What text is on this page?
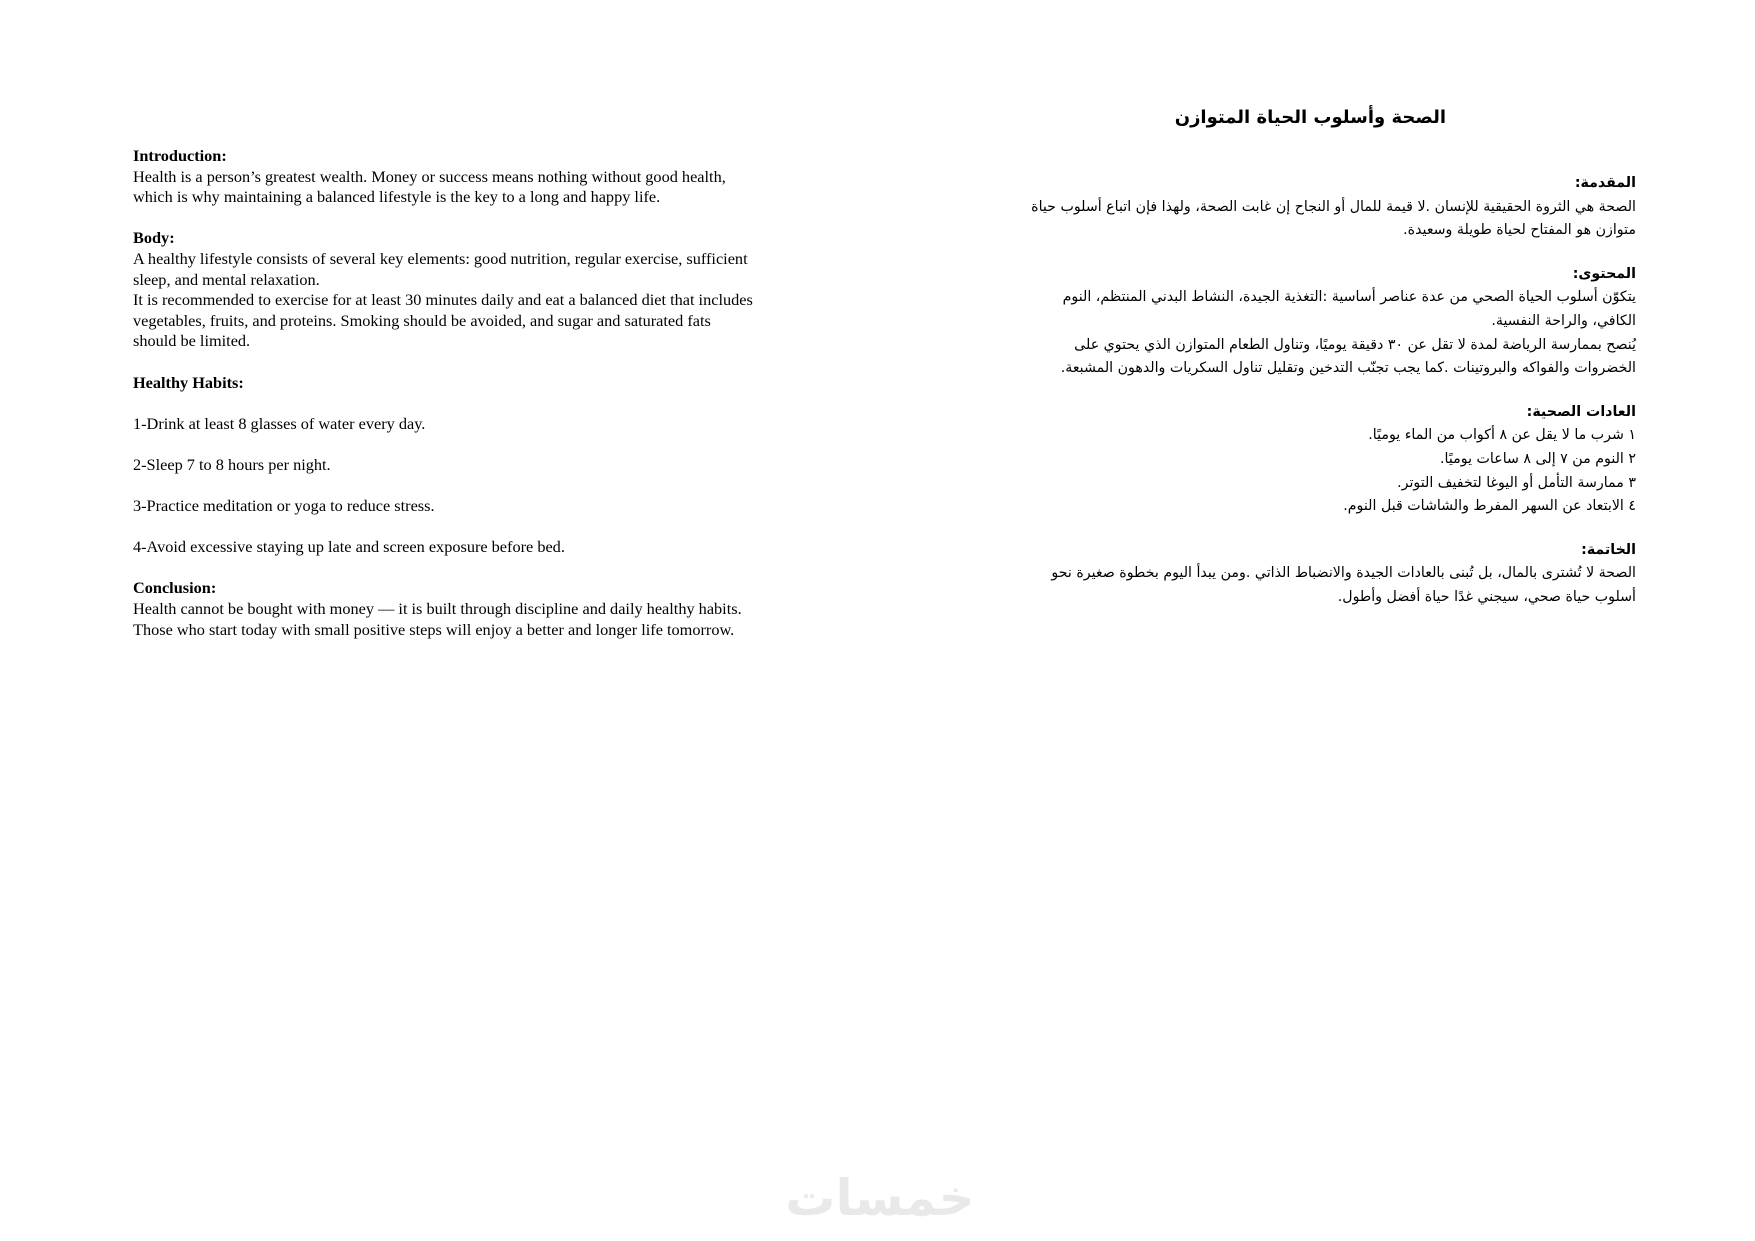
Introduction:

Health is a person’s greatest wealth. Money or success means nothing without good health, which is why maintaining a balanced lifestyle is the key to a long and happy life.

Body:

A healthy lifestyle consists of several key elements: good nutrition, regular exercise, sufficient sleep, and mental relaxation.

It is recommended to exercise for at least 30 minutes daily and eat a balanced diet that includes vegetables, fruits, and proteins. Smoking should be avoided, and sugar and saturated fats should be limited.

Healthy Habits:

1-Drink at least 8 glasses of water every day.

2-Sleep 7 to 8 hours per night.

3-Practice meditation or yoga to reduce stress.

4-Avoid excessive staying up late and screen exposure before bed.

Conclusion:

Health cannot be bought with money — it is built through discipline and daily healthy habits. Those who start today with small positive steps will enjoy a better and longer life tomorrow.

الصحة وأسلوب الحياة المتوازن
المقدمة:

الصحة هي الثروة الحقيقية للإنسان .لا قيمة للمال أو النجاح إن غابت الصحة، ولهذا فإن اتباع أسلوب حياة متوازن هو المفتاح لحياة طويلة وسعيدة.

المحتوى:

يتكوّن أسلوب الحياة الصحي من عدة عناصر أساسية :التغذية الجيدة، النشاط البدني المنتظم، النوم الكافي، والراحة النفسية.

يُنصح بممارسة الرياضة لمدة لا تقل عن ٣٠ دقيقة يوميًا، وتناول الطعام المتوازن الذي يحتوي على الخضروات والفواكه والبروتينات .كما يجب تجنّب التدخين وتقليل تناول السكريات والدهون المشبعة.

العادات الصحية:

١ شرب ما لا يقل عن ٨ أكواب من الماء يوميًا.

٢ النوم من ٧ إلى ٨ ساعات يوميًا.

٣ ممارسة التأمل أو اليوغا لتخفيف التوتر.

٤ الابتعاد عن السهر المفرط والشاشات قبل النوم.

الخاتمة:

الصحة لا تُشترى بالمال، بل تُبنى بالعادات الجيدة والانضباط الذاتي .ومن يبدأ اليوم بخطوة صغيرة نحو أسلوب حياة صحي، سيجني غدًا حياة أفضل وأطول.

خمسات
